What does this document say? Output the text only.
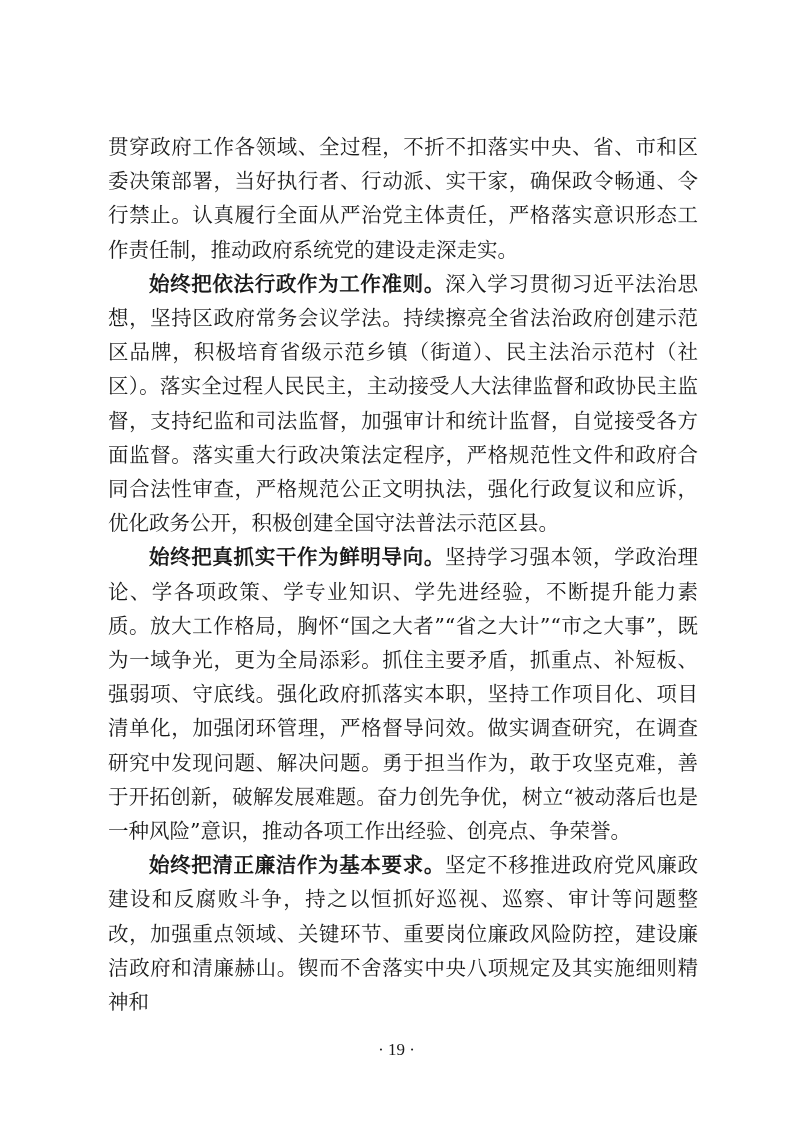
贯穿政府工作各领域、全过程，不折不扣落实中央、省、市和区委决策部署，当好执行者、行动派、实干家，确保政令畅通、令行禁止。认真履行全面从严治党主体责任，严格落实意识形态工作责任制，推动政府系统党的建设走深走实。

始终把依法行政作为工作准则。深入学习贯彻习近平法治思想，坚持区政府常务会议学法。持续擦亮全省法治政府创建示范区品牌，积极培育省级示范乡镇（街道）、民主法治示范村（社区）。落实全过程人民民主，主动接受人大法律监督和政协民主监督，支持纪监和司法监督，加强审计和统计监督，自觉接受各方面监督。落实重大行政决策法定程序，严格规范性文件和政府合同合法性审查，严格规范公正文明执法，强化行政复议和应诉，优化政务公开，积极创建全国守法普法示范区县。

始终把真抓实干作为鲜明导向。坚持学习强本领，学政治理论、学各项政策、学专业知识、学先进经验，不断提升能力素质。放大工作格局，胸怀“国之大者”“省之大计”“市之大事”，既为一域争光，更为全局添彩。抓住主要矛盾，抓重点、补短板、强弱项、守底线。强化政府抓落实本职，坚持工作项目化、项目清单化，加强闭环管理，严格督导问效。做实调查研究，在调查研究中发现问题、解决问题。勇于担当作为，敢于攻坚克难，善于开拓创新，破解发展难题。奋力创先争优，树立“被动落后也是一种风险”意识，推动各项工作出经验、创亮点、争荣誉。

始终把清正廉洁作为基本要求。坚定不移推进政府党风廉政建设和反腐败斗争，持之以恒抓好巡视、巡察、审计等问题整改，加强重点领域、关键环节、重要岗位廉政风险防控，建设廉洁政府和清廉赫山。锲而不舍落实中央八项规定及其实施细则精神和

· 19 ·
